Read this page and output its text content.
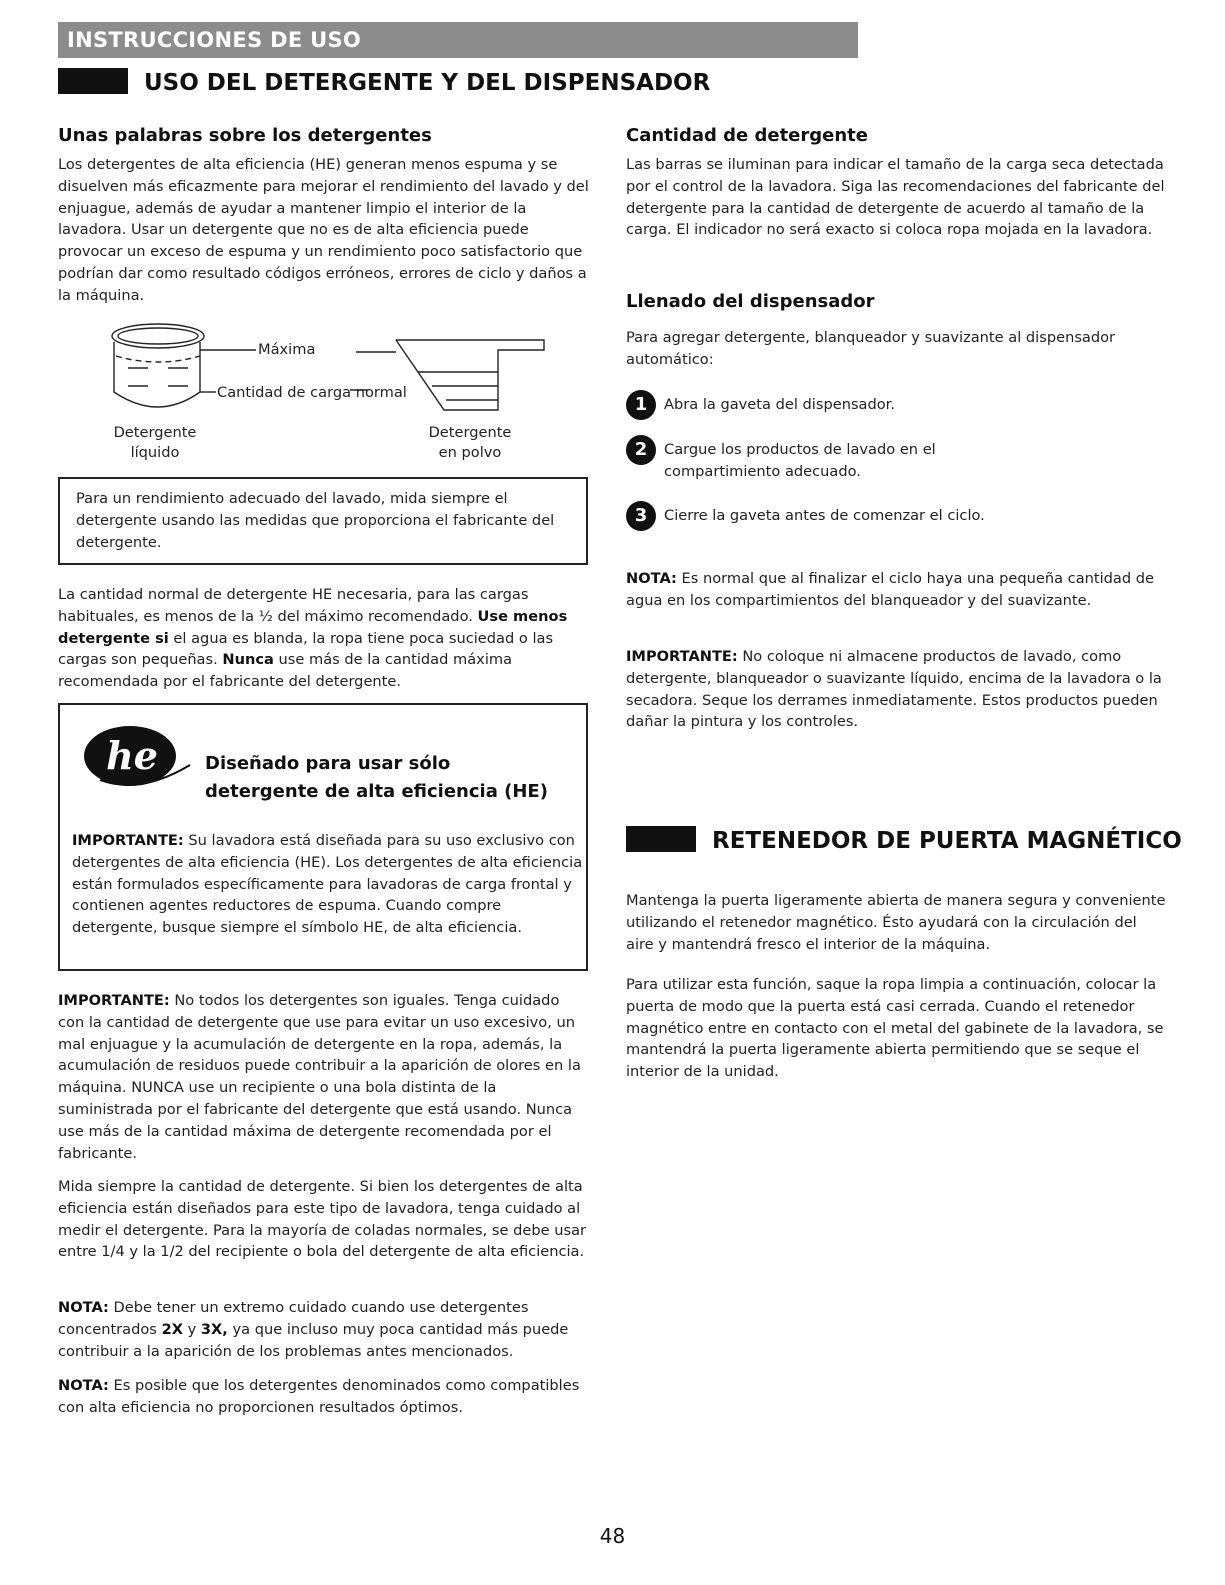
INSTRUCCIONES DE USO
USO DEL DETERGENTE Y DEL DISPENSADOR
Unas palabras sobre los detergentes
Los detergentes de alta eficiencia (HE) generan menos espuma y se disuelven más eficazmente para mejorar el rendimiento del lavado y del enjuague, además de ayudar a mantener limpio el interior de la lavadora. Usar un detergente que no es de alta eficiencia puede provocar un exceso de espuma y un rendimiento poco satisfactorio que podrían dar como resultado códigos erróneos, errores de ciclo y daños a la máquina.
Máxima
Cantidad de carga normal
Detergente
líquido
Detergente
en polvo
Para un rendimiento adecuado del lavado, mida siempre el detergente usando las medidas que proporciona el fabricante del detergente.
La cantidad normal de detergente HE necesaria, para las cargas habituales, es menos de la ½ del máximo recomendado. Use menos detergente si el agua es blanda, la ropa tiene poca suciedad o las cargas son pequeñas. Nunca use más de la cantidad máxima recomendada por el fabricante del detergente.
he	Diseñado para usar sólo
detergente de alta eficiencia (HE)
IMPORTANTE: Su lavadora está diseñada para su uso exclusivo con detergentes de alta eficiencia (HE). Los detergentes de alta eficiencia están formulados específicamente para lavadoras de carga frontal y contienen agentes reductores de espuma. Cuando compre detergente, busque siempre el símbolo HE, de alta eficiencia.
IMPORTANTE: No todos los detergentes son iguales. Tenga cuidado con la cantidad de detergente que use para evitar un uso excesivo, un mal enjuague y la acumulación de detergente en la ropa, además, la acumulación de residuos puede contribuir a la aparición de olores en la máquina. NUNCA use un recipiente o una bola distinta de la suministrada por el fabricante del detergente que está usando. Nunca use más de la cantidad máxima de detergente recomendada por el fabricante.
Mida siempre la cantidad de detergente. Si bien los detergentes de alta eficiencia están diseñados para este tipo de lavadora, tenga cuidado al medir el detergente. Para la mayoría de coladas normales, se debe usar entre 1/4 y la 1/2 del recipiente o bola del detergente de alta eficiencia.
NOTA: Debe tener un extremo cuidado cuando use detergentes concentrados 2X y 3X, ya que incluso muy poca cantidad más puede contribuir a la aparición de los problemas antes mencionados.
NOTA: Es posible que los detergentes denominados como compatibles con alta eficiencia no proporcionen resultados óptimos.
Cantidad de detergente
Las barras se iluminan para indicar el tamaño de la carga seca detectada por el control de la lavadora. Siga las recomendaciones del fabricante del detergente para la cantidad de detergente de acuerdo al tamaño de la carga. El indicador no será exacto si coloca ropa mojada en la lavadora.
Llenado del dispensador
Para agregar detergente, blanqueador y suavizante al dispensador automático:
1	Abra la gaveta del dispensador.
2	Cargue los productos de lavado en el compartimiento adecuado.
3	Cierre la gaveta antes de comenzar el ciclo.
NOTA: Es normal que al finalizar el ciclo haya una pequeña cantidad de agua en los compartimientos del blanqueador y del suavizante.
IMPORTANTE: No coloque ni almacene productos de lavado, como detergente, blanqueador o suavizante líquido, encima de la lavadora o la secadora. Seque los derrames inmediatamente. Estos productos pueden dañar la pintura y los controles.
RETENEDOR DE PUERTA MAGNÉTICO
Mantenga la puerta ligeramente abierta de manera segura y conveniente utilizando el retenedor magnético. Ésto ayudará con la circulación del aire y mantendrá fresco el interior de la máquina.
Para utilizar esta función, saque la ropa limpia a continuación, colocar la puerta de modo que la puerta está casi cerrada. Cuando el retenedor magnético entre en contacto con el metal del gabinete de la lavadora, se mantendrá la puerta ligeramente abierta permitiendo que se seque el interior de la unidad.
48
